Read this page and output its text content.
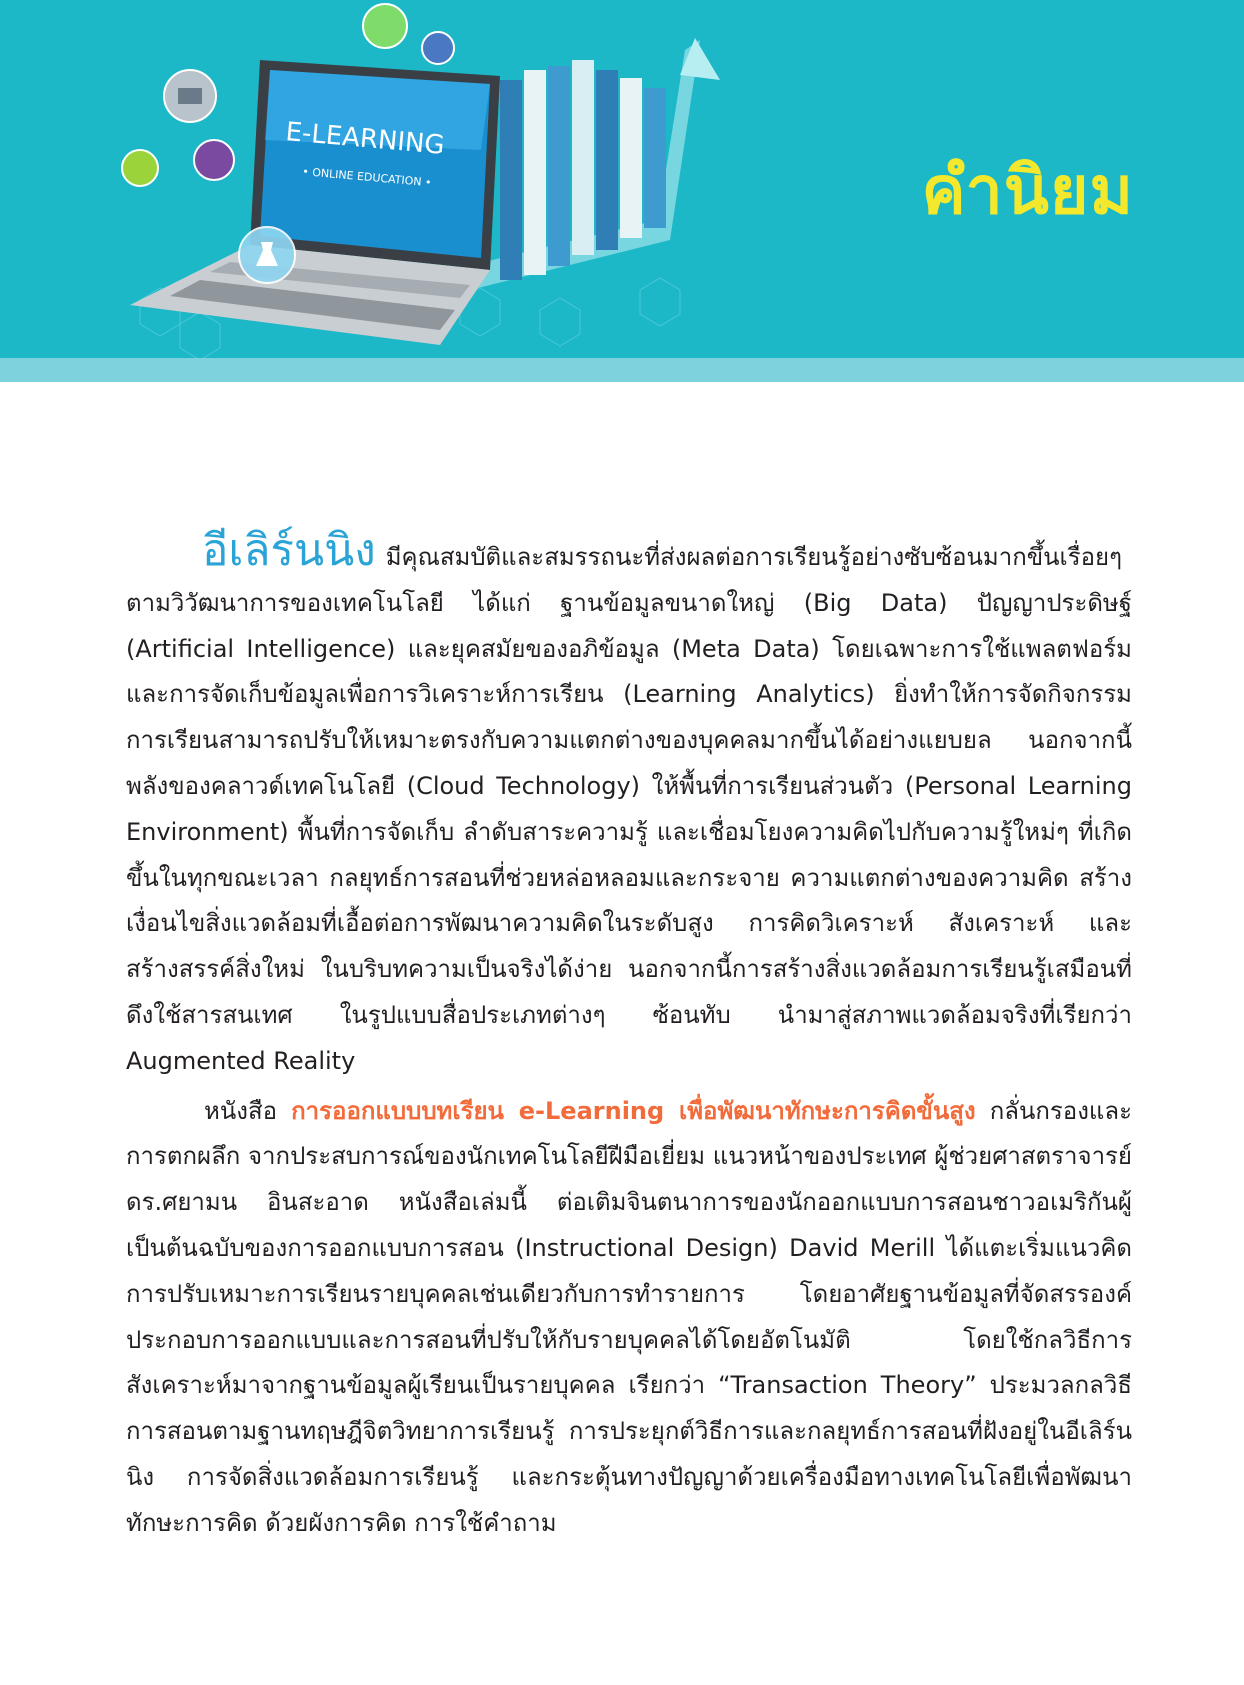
E-LEARNING
• ONLINE EDUCATION •	คำนิยม

อีเลิร์นนิง มีคุณสมบัติและสมรรถนะที่ส่งผลต่อการเรียนรู้อย่างซับซ้อนมากขึ้นเรื่อยๆ ตามวิวัฒนาการของเทคโนโลยี ได้แก่ ฐานข้อมูลขนาดใหญ่ (Big Data) ปัญญาประดิษฐ์ (Artificial Intelligence) และยุคสมัยของอภิข้อมูล (Meta Data) โดยเฉพาะการใช้แพลตฟอร์มและการจัดเก็บข้อมูลเพื่อการวิเคราะห์การเรียน (Learning Analytics) ยิ่งทำให้การจัดกิจกรรมการเรียนสามารถปรับให้เหมาะตรงกับความแตกต่างของบุคคลมากขึ้นได้อย่างแยบยล นอกจากนี้พลังของคลาวด์เทคโนโลยี (Cloud Technology) ให้พื้นที่การเรียนส่วนตัว (Personal Learning Environment) พื้นที่การจัดเก็บ ลำดับสาระความรู้ และเชื่อมโยงความคิดไปกับความรู้ใหม่ๆ ที่เกิดขึ้นในทุกขณะเวลา กลยุทธ์การสอนที่ช่วยหล่อหลอมและกระจาย ความแตกต่างของความคิด สร้างเงื่อนไขสิ่งแวดล้อมที่เอื้อต่อการพัฒนาความคิดในระดับสูง การคิดวิเคราะห์ สังเคราะห์ และสร้างสรรค์สิ่งใหม่ ในบริบทความเป็นจริงได้ง่าย นอกจากนี้การสร้างสิ่งแวดล้อมการเรียนรู้เสมือนที่ดึงใช้สารสนเทศ ในรูปแบบสื่อประเภทต่างๆ ซ้อนทับ นำมาสู่สภาพแวดล้อมจริงที่เรียกว่า Augmented Reality

หนังสือ การออกแบบบทเรียน e-Learning เพื่อพัฒนาทักษะการคิดขั้นสูง กลั่นกรองและการตกผลึก จากประสบการณ์ของนักเทคโนโลยีฝีมือเยี่ยม แนวหน้าของประเทศ ผู้ช่วยศาสตราจารย์ ดร.ศยามน อินสะอาด หนังสือเล่มนี้ ต่อเติมจินตนาการของนักออกแบบการสอนชาวอเมริกันผู้เป็นต้นฉบับของการออกแบบการสอน (Instructional Design) David Merill ได้แตะเริ่มแนวคิดการปรับเหมาะการเรียนรายบุคคลเช่นเดียวกับการทำรายการ โดยอาศัยฐานข้อมูลที่จัดสรรองค์ประกอบการออกแบบและการสอนที่ปรับให้กับรายบุคคลได้โดยอัตโนมัติ โดยใช้กลวิธีการสังเคราะห์มาจากฐานข้อมูลผู้เรียนเป็นรายบุคคล เรียกว่า “Transaction Theory” ประมวลกลวิธีการสอนตามฐานทฤษฎีจิตวิทยาการเรียนรู้ การประยุกต์วิธีการและกลยุทธ์การสอนที่ฝังอยู่ในอีเลิร์นนิง การจัดสิ่งแวดล้อมการเรียนรู้ และกระตุ้นทางปัญญาด้วยเครื่องมือทางเทคโนโลยีเพื่อพัฒนาทักษะการคิด ด้วยผังการคิด การใช้คำถาม
